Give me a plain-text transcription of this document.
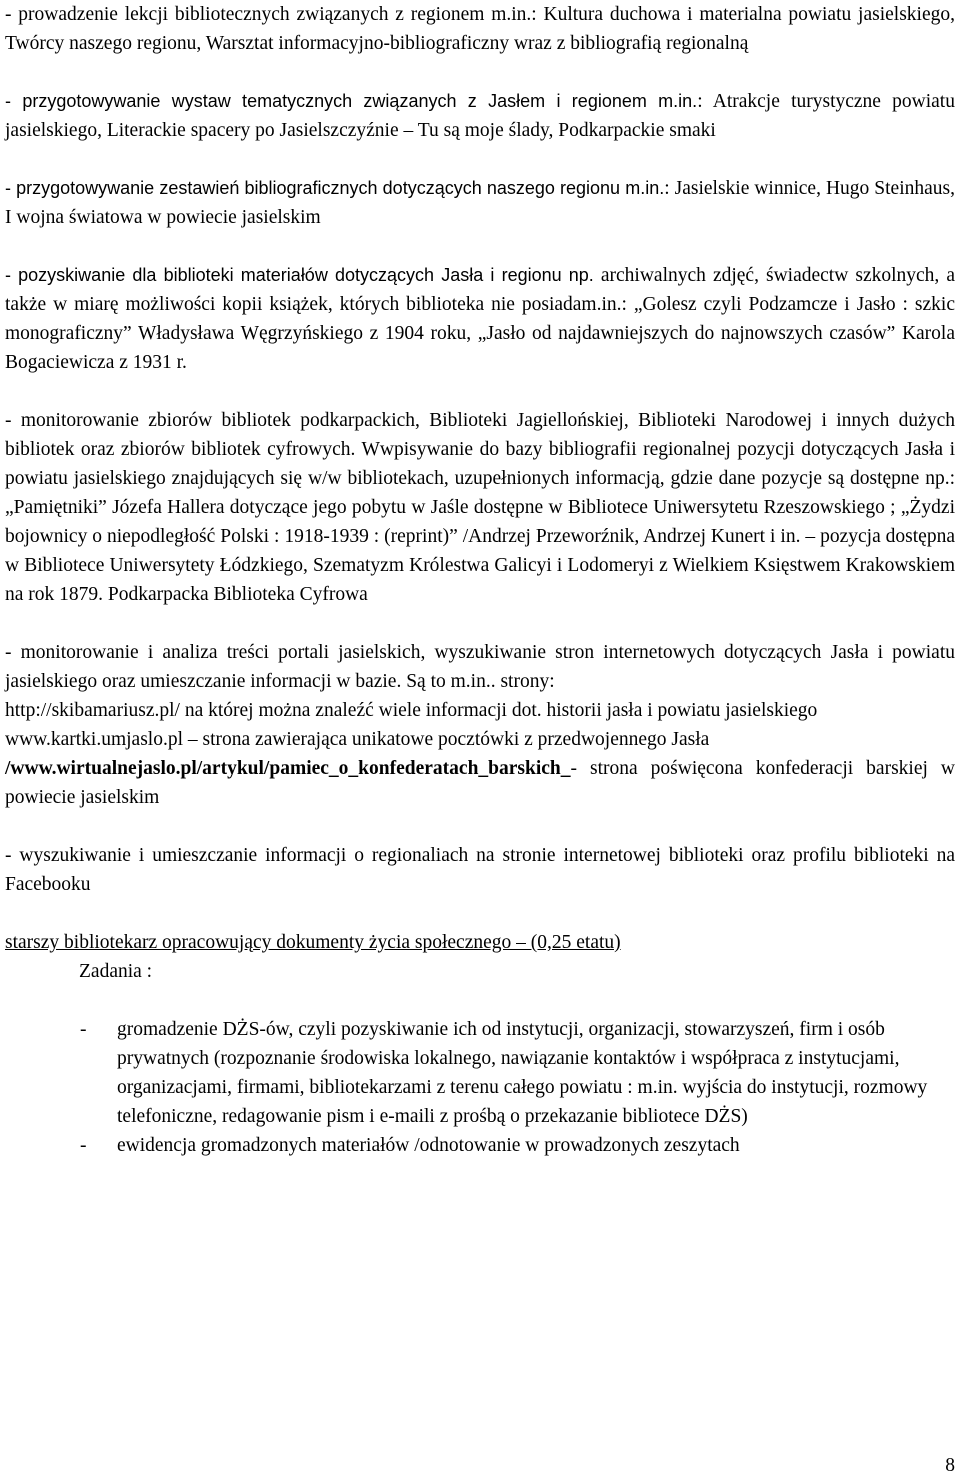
- prowadzenie lekcji bibliotecznych związanych z regionem m.in.: Kultura duchowa i materialna powiatu jasielskiego, Twórcy naszego regionu, Warsztat informacyjno-bibliograficzny wraz z bibliografią regionalną

- przygotowywanie wystaw tematycznych związanych z Jasłem i regionem m.in.: Atrakcje turystyczne powiatu jasielskiego, Literackie spacery po Jasielszczyźnie – Tu są moje ślady, Podkarpackie smaki

- przygotowywanie zestawień bibliograficznych dotyczących naszego regionu m.in.: Jasielskie winnice, Hugo Steinhaus, I wojna światowa w powiecie jasielskim

- pozyskiwanie dla biblioteki materiałów dotyczących Jasła i regionu np. archiwalnych zdjęć, świadectw szkolnych, a także w miarę możliwości kopii książek, których biblioteka nie posiadam.in.: „Golesz czyli Podzamcze i Jasło : szkic monograficzny” Władysława Węgrzyńskiego z 1904 roku, „Jasło od najdawniejszych do najnowszych czasów” Karola Bogaciewicza z 1931 r.

- monitorowanie zbiorów bibliotek podkarpackich, Biblioteki Jagiellońskiej, Biblioteki Narodowej i innych dużych bibliotek oraz zbiorów bibliotek cyfrowych. Wwpisywanie do bazy bibliografii regionalnej pozycji dotyczących Jasła i powiatu jasielskiego znajdujących się w/w bibliotekach, uzupełnionych informacją, gdzie dane pozycje są dostępne np.: „Pamiętniki” Józefa Hallera dotyczące jego pobytu w Jaśle dostępne w Bibliotece Uniwersytetu Rzeszowskiego ; „Żydzi bojownicy o niepodległość Polski : 1918-1939 : (reprint)” /Andrzej Przeworźnik, Andrzej Kunert i in. – pozycja dostępna w Bibliotece Uniwersytety Łódzkiego, Szematyzm Królestwa Galicyi i Lodomeryi z Wielkiem Księstwem Krakowskiem na rok 1879. Podkarpacka Biblioteka Cyfrowa

- monitorowanie i analiza treści portali jasielskich, wyszukiwanie stron internetowych dotyczących Jasła i powiatu jasielskiego oraz umieszczanie informacji w bazie. Są to m.in.. strony:

http://skibamariusz.pl/ na której można znaleźć wiele informacji dot. historii jasła i powiatu jasielskiego

www.kartki.umjaslo.pl – strona zawierająca unikatowe pocztówki z przedwojennego Jasła

/www.wirtualnejaslo.pl/artykul/pamiec_o_konfederatach_barskich_- strona poświęcona konfederacji barskiej w powiecie jasielskim

- wyszukiwanie i umieszczanie informacji o regionaliach na stronie internetowej biblioteki oraz profilu biblioteki na Facebooku

starszy bibliotekarz opracowujący dokumenty życia społecznego – (0,25 etatu)

Zadania :

- gromadzenie DŻS-ów, czyli pozyskiwanie ich od instytucji, organizacji, stowarzyszeń, firm i osób prywatnych (rozpoznanie środowiska lokalnego, nawiązanie kontaktów i współpraca z instytucjami, organizacjami, firmami, bibliotekarzami z terenu całego powiatu : m.in. wyjścia do instytucji, rozmowy telefoniczne, redagowanie pism i e-maili z prośbą o przekazanie bibliotece DŻS)
- ewidencja gromadzonych materiałów /odnotowanie w prowadzonych zeszytach
8
